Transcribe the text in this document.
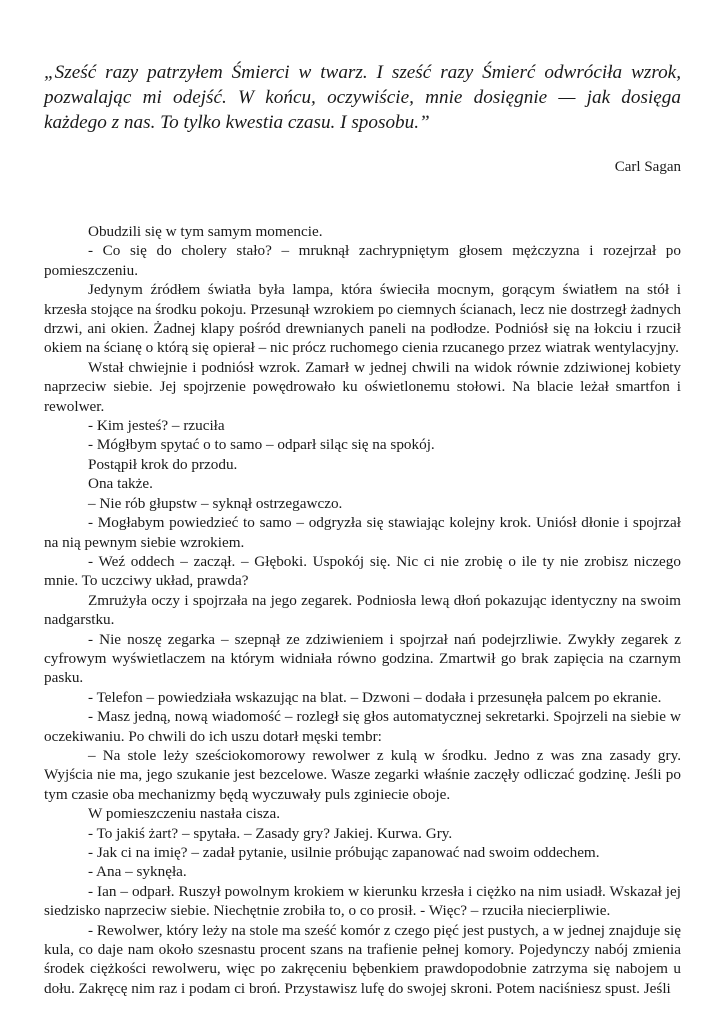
„Sześć razy patrzyłem Śmierci w twarz. I sześć razy Śmierć odwróciła wzrok, pozwalając mi odejść. W końcu, oczywiście, mnie dosięgnie — jak dosięga każdego z nas. To tylko kwestia czasu. I sposobu.”

Carl Sagan

Obudzili się w tym samym momencie.

- Co się do cholery stało? – mruknął zachrypniętym głosem mężczyzna i rozejrzał po pomieszczeniu.

Jedynym źródłem światła była lampa, która świeciła mocnym, gorącym światłem na stół i krzesła stojące na środku pokoju. Przesunął wzrokiem po ciemnych ścianach, lecz nie dostrzegł żadnych drzwi, ani okien. Żadnej klapy pośród drewnianych paneli na podłodze. Podniósł się na łokciu i rzucił okiem na ścianę o którą się opierał – nic prócz ruchomego cienia rzucanego przez wiatrak wentylacyjny.

Wstał chwiejnie i podniósł wzrok. Zamarł w jednej chwili na widok równie zdziwionej kobiety naprzeciw siebie. Jej spojrzenie powędrowało ku oświetlonemu stołowi. Na blacie leżał smartfon i rewolwer.

- Kim jesteś? – rzuciła

- Mógłbym spytać o to samo – odparł siląc się na spokój.

Postąpił krok do przodu.

Ona także.

– Nie rób głupstw – syknął ostrzegawczo.

- Mogłabym powiedzieć to samo – odgryzła się stawiając kolejny krok. Uniósł dłonie i spojrzał na nią pewnym siebie wzrokiem.

- Weź oddech – zaczął. – Głęboki. Uspokój się. Nic ci nie zrobię o ile ty nie zrobisz niczego mnie. To uczciwy układ, prawda?

Zmrużyła oczy i spojrzała na jego zegarek. Podniosła lewą dłoń pokazując identyczny na swoim nadgarstku.

- Nie noszę zegarka – szepnął ze zdziwieniem i spojrzał nań podejrzliwie. Zwykły zegarek z cyfrowym wyświetlaczem na którym widniała równo godzina. Zmartwił go brak zapięcia na czarnym pasku.

- Telefon – powiedziała wskazując na blat. – Dzwoni – dodała i przesunęła palcem po ekranie.

- Masz jedną, nową wiadomość – rozległ się głos automatycznej sekretarki. Spojrzeli na siebie w oczekiwaniu. Po chwili do ich uszu dotarł męski tembr:

– Na stole leży sześciokomorowy rewolwer z kulą w środku. Jedno z was zna zasady gry. Wyjścia nie ma, jego szukanie jest bezcelowe. Wasze zegarki właśnie zaczęły odliczać godzinę. Jeśli po tym czasie oba mechanizmy będą wyczuwały puls zginiecie oboje.

W pomieszczeniu nastała cisza.

- To jakiś żart? – spytała. – Zasady gry? Jakiej. Kurwa. Gry.

- Jak ci na imię? – zadał pytanie, usilnie próbując zapanować nad swoim oddechem.

- Ana – syknęła.

- Ian – odparł. Ruszył powolnym krokiem w kierunku krzesła i ciężko na nim usiadł. Wskazał jej siedzisko naprzeciw siebie. Niechętnie zrobiła to, o co prosił. - Więc? – rzuciła niecierpliwie.

- Rewolwer, który leży na stole ma sześć komór z czego pięć jest pustych, a w jednej znajduje się kula, co daje nam około szesnastu procent szans na trafienie pełnej komory. Pojedynczy nabój zmienia środek ciężkości rewolweru, więc po zakręceniu bębenkiem prawdopodobnie zatrzyma się nabojem u dołu. Zakręcę nim raz i podam ci broń. Przystawisz lufę do swojej skroni. Potem naciśniesz spust. Jeśli
